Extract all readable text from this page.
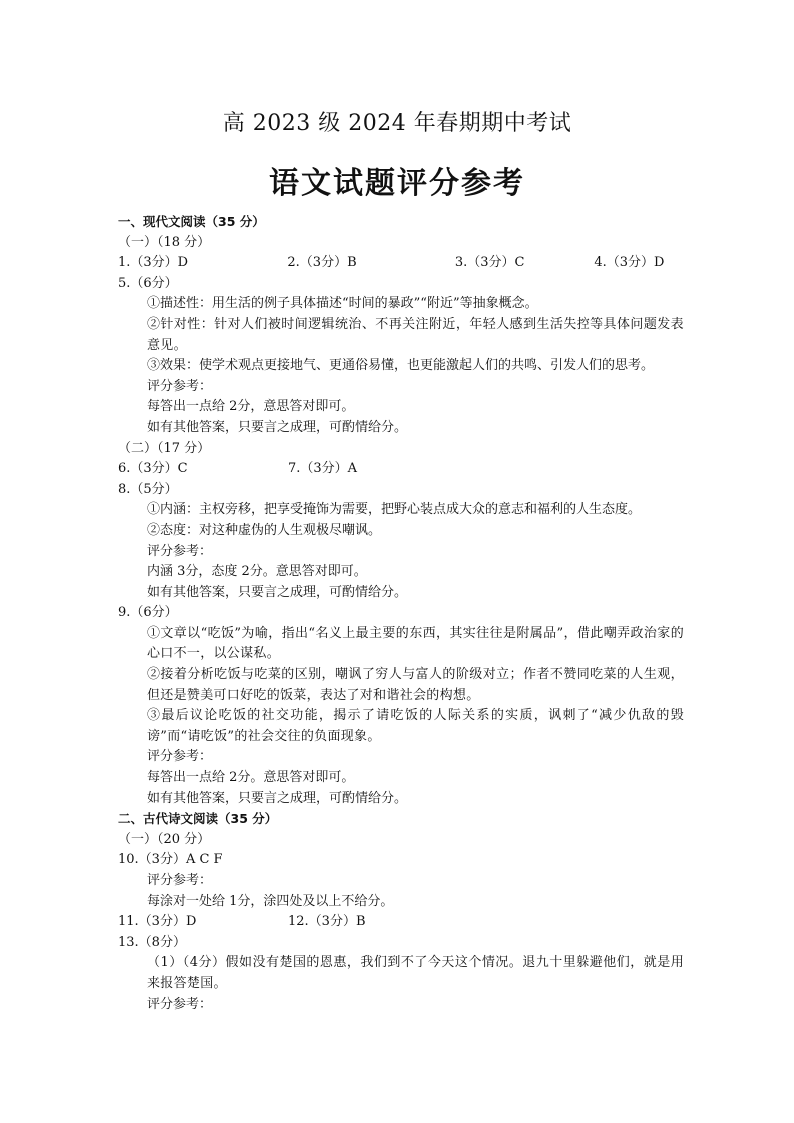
高 2023 级 2024 年春期期中考试
语文试题评分参考
一、现代文阅读（35 分）
（一）（18 分）
1.（3分）D	2.（3分）B	3.（3分）C	4.（3分）D
5.（6分）
①描述性：用生活的例子具体描述“时间的暴政”“附近”等抽象概念。
②针对性：针对人们被时间逻辑统治、不再关注附近，年轻人感到生活失控等具体问题发表意见。
③效果：使学术观点更接地气、更通俗易懂，也更能激起人们的共鸣、引发人们的思考。
评分参考：
每答出一点给 2分，意思答对即可。
如有其他答案，只要言之成理，可酌情给分。
（二）（17 分）
6.（3分）C	7.（3分）A
8.（5分）
①内涵：主权旁移，把享受掩饰为需要，把野心装点成大众的意志和福利的人生态度。
②态度：对这种虚伪的人生观极尽嘲讽。
评分参考：
内涵 3分，态度 2分。意思答对即可。
如有其他答案，只要言之成理，可酌情给分。
9.（6分）
①文章以“吃饭”为喻，指出“名义上最主要的东西，其实往往是附属品”，借此嘲弄政治家的心口不一，以公谋私。
②接着分析吃饭与吃菜的区别，嘲讽了穷人与富人的阶级对立；作者不赞同吃菜的人生观，但还是赞美可口好吃的饭菜，表达了对和谐社会的构想。
③最后议论吃饭的社交功能，揭示了请吃饭的人际关系的实质，讽刺了“减少仇敌的毁谤”而“请吃饭”的社会交往的负面现象。
评分参考：
每答出一点给 2分。意思答对即可。
如有其他答案，只要言之成理，可酌情给分。
二、古代诗文阅读（35 分）
（一）（20 分）
10.（3分）A C F
评分参考：
每涂对一处给 1分，涂四处及以上不给分。
11.（3分）D	12.（3分）B
13.（8分）
（1）（4分）假如没有楚国的恩惠，我们到不了今天这个情况。退九十里躲避他们，就是用来报答楚国。
评分参考：
